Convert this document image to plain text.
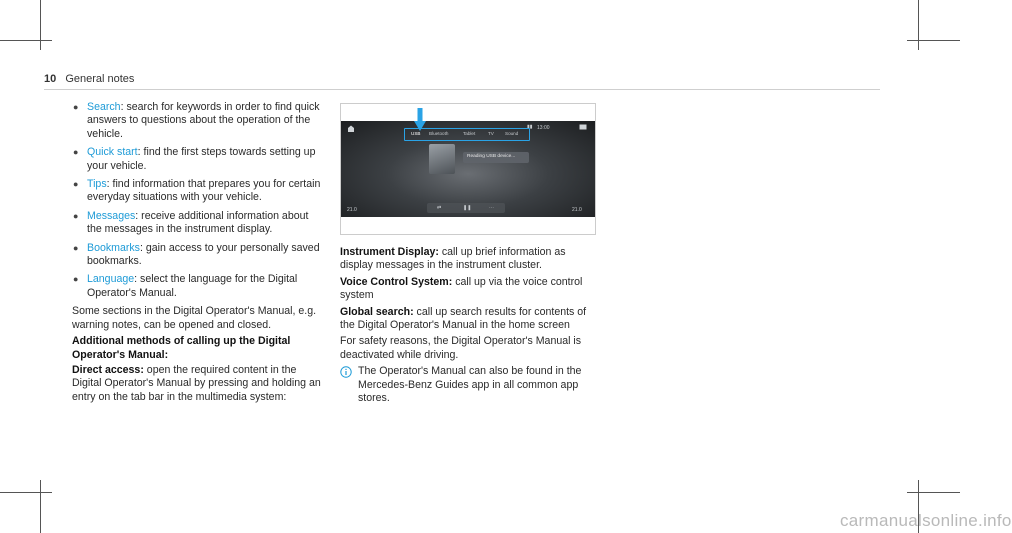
10 General notes
● Search: search for keywords in order to find quick answers to questions about the operation of the vehicle.
● Quick start: find the first steps towards setting up your vehicle.
● Tips: find information that prepares you for certain everyday situations with your vehicle.
● Messages: receive additional information about the messages in the instrument display.
● Bookmarks: gain access to your personally saved bookmarks.
● Language: select the language for the Digital Operator's Manual.

Some sections in the Digital Operator's Manual, e.g. warning notes, can be opened and closed.

Additional methods of calling up the Digital Operator's Manual:

Direct access: open the required content in the Digital Operator's Manual by pressing and holding an entry on the tab bar in the multimedia system:

13:00
▮▮
USB Bluetooth	Tablet	TV Sound
Reading USB device...
21.0	21.0
⇄	❚❚	⋯

Instrument Display: call up brief information as display messages in the instrument cluster.

Voice Control System: call up via the voice control system

Global search: call up search results for contents of the Digital Operator's Manual in the home screen

For safety reasons, the Digital Operator's Manual is deactivated while driving.

The Operator's Manual can also be found in the Mercedes-Benz Guides app in all common app stores.
carmanualsonline.info
